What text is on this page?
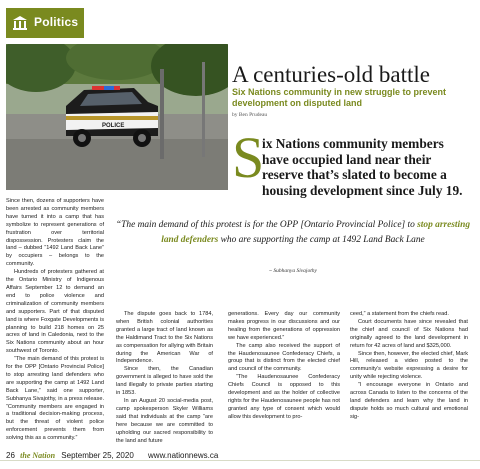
Politics
POLICE
A centuries-old battle
Six Nations community in new struggle to prevent development on disputed land
by Ben Prudeau
S
ix Nations community members
have occupied land near their reserve that’s slated to become a housing development since July 19.
“The main demand of this protest is for the OPP [Ontario Provincial Police] to stop arresting land defenders who are supporting the camp at 1492 Land Back Lane
~ Subhanya Sivajothy

Since then, dozens of supporters have been arrested as community members have turned it into a camp that has symbolize to represent generations of frustration over territorial dispossession. Protesters claim the land – dubbed “1492 Land Back Lane” by occupiers – belongs to the community.

Hundreds of protesters gathered at the Ontario Ministry of Indigenous Affairs September 12 to demand an end to police violence and criminalization of community members and supporters. Part of that disputed land is where Foxgate Developments is planning to build 218 homes on 25 acres of land in Caledonia, next to the Six Nations community about an hour southwest of Toronto.

“The main demand of this protest is for the OPP [Ontario Provincial Police] to stop arresting land defenders who are supporting the camp at 1492 Land Back Lane,” said one supporter, Subhanya Sivajothy, in a press release. “Community members are engaged in a traditional decision-making process, but the threat of violent police enforcement prevents them from solving this as a community.”

The dispute goes back to 1784, when British colonial authorities granted a large tract of land known as the Haldimand Tract to the Six Nations as compensation for allying with Britain during the American War of Independence.

Since then, the Canadian government is alleged to have sold the land illegally to private parties starting in 1853.

In an August 20 social-media post, camp spokesperson Skyler Williams said that individuals at the camp “are here because we are committed to upholding our sacred responsibility to the land and future

generations. Every day our community makes progress in our discussions and our healing from the generations of oppression we have experienced.”

The camp also received the support of the Haudenosaunee Confederacy Chiefs, a group that is distinct from the elected chief and council of the community.

“The Haudenosaunee Confederacy Chiefs Council is opposed to this development and as the holder of collective rights for the Haudenosaunee people has not granted any type of consent which would allow this development to pro-

ceed,” a statement from the chiefs read.

Court documents have since revealed that the chief and council of Six Nations had originally agreed to the land development in return for 42 acres of land and $325,000.

Since then, however, the elected chief, Mark Hill, released a video posted to the community’s website expressing a desire for unity while rejecting violence.

“I encourage everyone in Ontario and across Canada to listen to the concerns of the land defenders and learn why the land in dispute holds so much cultural and emotional sig-

26 the Nation September 25, 2020 www.nationnews.ca
